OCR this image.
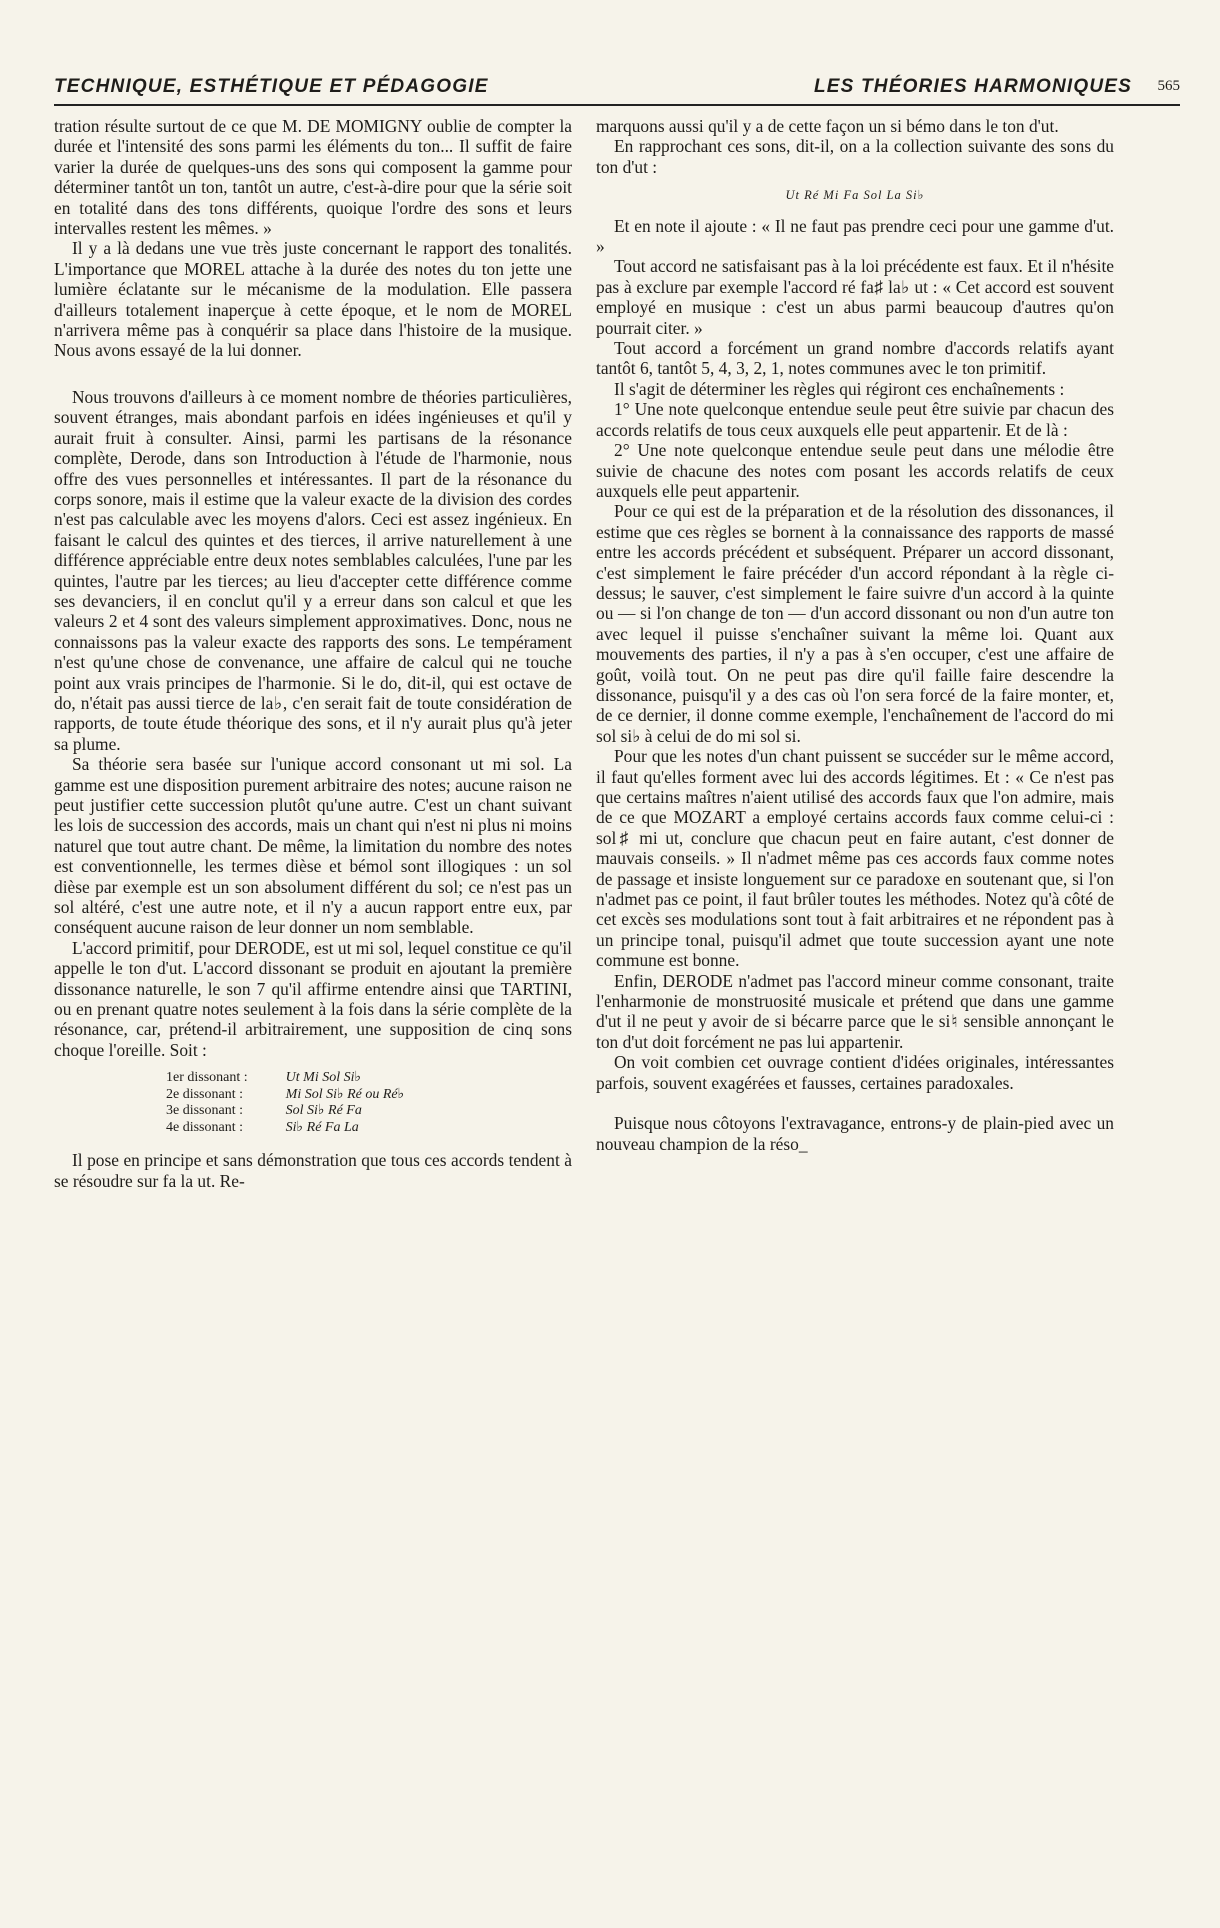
TECHNIQUE, ESTHÉTIQUE ET PÉDAGOGIE	LES THÉORIES HARMONIQUES 565

tration résulte surtout de ce que M. DE MOMIGNY oublie de compter la durée et l'intensité des sons parmi les éléments du ton... Il suffit de faire varier la durée de quelques-uns des sons qui composent la gamme pour déterminer tantôt un ton, tantôt un autre, c'est-à-dire pour que la série soit en totalité dans des tons différents, quoique l'ordre des sons et leurs intervalles restent les mêmes. »

Il y a là dedans une vue très juste concernant le rapport des tonalités. L'importance que MOREL attache à la durée des notes du ton jette une lumière éclatante sur le mécanisme de la modulation. Elle passera d'ailleurs totalement inaperçue à cette époque, et le nom de MOREL n'arrivera même pas à conquérir sa place dans l'histoire de la musique. Nous avons essayé de la lui donner.

Nous trouvons d'ailleurs à ce moment nombre de théories particulières, souvent étranges, mais abondant parfois en idées ingénieuses et qu'il y aurait fruit à consulter. Ainsi, parmi les partisans de la résonance complète, Derode, dans son Introduction à l'étude de l'harmonie, nous offre des vues personnelles et intéressantes. Il part de la résonance du corps sonore, mais il estime que la valeur exacte de la division des cordes n'est pas calculable avec les moyens d'alors. Ceci est assez ingénieux. En faisant le calcul des quintes et des tierces, il arrive naturellement à une différence appréciable entre deux notes semblables calculées, l'une par les quintes, l'autre par les tierces; au lieu d'accepter cette différence comme ses devanciers, il en conclut qu'il y a erreur dans son calcul et que les valeurs 2 et 4 sont des valeurs simplement approximatives. Donc, nous ne connaissons pas la valeur exacte des rapports des sons. Le tempérament n'est qu'une chose de convenance, une affaire de calcul qui ne touche point aux vrais principes de l'harmonie. Si le do, dit-il, qui est octave de do, n'était pas aussi tierce de la♭, c'en serait fait de toute considération de rapports, de toute étude théorique des sons, et il n'y aurait plus qu'à jeter sa plume.

Sa théorie sera basée sur l'unique accord consonant ut mi sol. La gamme est une disposition purement arbitraire des notes; aucune raison ne peut justifier cette succession plutôt qu'une autre. C'est un chant suivant les lois de succession des accords, mais un chant qui n'est ni plus ni moins naturel que tout autre chant. De même, la limitation du nombre des notes est conventionnelle, les termes dièse et bémol sont illogiques : un sol dièse par exemple est un son absolument différent du sol; ce n'est pas un sol altéré, c'est une autre note, et il n'y a aucun rapport entre eux, par conséquent aucune raison de leur donner un nom semblable.

L'accord primitif, pour DERODE, est ut mi sol, lequel constitue ce qu'il appelle le ton d'ut. L'accord dissonant se produit en ajoutant la première dissonance naturelle, le son 7 qu'il affirme entendre ainsi que TARTINI, ou en prenant quatre notes seulement à la fois dans la série complète de la résonance, car, prétend-il arbitrairement, une supposition de cinq sons choque l'oreille. Soit :

1er dissonant :	Ut Mi Sol Si♭
2e dissonant :	Mi Sol Si♭ Ré ou Ré♭
3e dissonant :	Sol Si♭ Ré Fa
4e dissonant :	Si♭ Ré Fa La

Il pose en principe et sans démonstration que tous ces accords tendent à se résoudre sur fa la ut. Re-

marquons aussi qu'il y a de cette façon un si bémo dans le ton d'ut.

En rapprochant ces sons, dit-il, on a la collection suivante des sons du ton d'ut :

Ut Ré Mi Fa Sol La Si♭

Et en note il ajoute : « Il ne faut pas prendre ceci pour une gamme d'ut. »

Tout accord ne satisfaisant pas à la loi précédente est faux. Et il n'hésite pas à exclure par exemple l'accord ré fa♯ la♭ ut : « Cet accord est souvent employé en musique : c'est un abus parmi beaucoup d'autres qu'on pourrait citer. »

Tout accord a forcément un grand nombre d'accords relatifs ayant tantôt 6, tantôt 5, 4, 3, 2, 1, notes communes avec le ton primitif.

Il s'agit de déterminer les règles qui régiront ces enchaînements :

1° Une note quelconque entendue seule peut être suivie par chacun des accords relatifs de tous ceux auxquels elle peut appartenir. Et de là :

2° Une note quelconque entendue seule peut dans une mélodie être suivie de chacune des notes com posant les accords relatifs de ceux auxquels elle peut appartenir.

Pour ce qui est de la préparation et de la résolution des dissonances, il estime que ces règles se bornent à la connaissance des rapports de massé entre les accords précédent et subséquent. Préparer un accord dissonant, c'est simplement le faire précéder d'un accord répondant à la règle ci-dessus; le sauver, c'est simplement le faire suivre d'un accord à la quinte ou — si l'on change de ton — d'un accord dissonant ou non d'un autre ton avec lequel il puisse s'enchaîner suivant la même loi. Quant aux mouvements des parties, il n'y a pas à s'en occuper, c'est une affaire de goût, voilà tout. On ne peut pas dire qu'il faille faire descendre la dissonance, puisqu'il y a des cas où l'on sera forcé de la faire monter, et, de ce dernier, il donne comme exemple, l'enchaînement de l'accord do mi sol si♭ à celui de do mi sol si.

Pour que les notes d'un chant puissent se succéder sur le même accord, il faut qu'elles forment avec lui des accords légitimes. Et : « Ce n'est pas que certains maîtres n'aient utilisé des accords faux que l'on admire, mais de ce que MOZART a employé certains accords faux comme celui-ci : sol♯ mi ut, conclure que chacun peut en faire autant, c'est donner de mauvais conseils. » Il n'admet même pas ces accords faux comme notes de passage et insiste longuement sur ce paradoxe en soutenant que, si l'on n'admet pas ce point, il faut brûler toutes les méthodes. Notez qu'à côté de cet excès ses modulations sont tout à fait arbitraires et ne répondent pas à un principe tonal, puisqu'il admet que toute succession ayant une note commune est bonne.

Enfin, DERODE n'admet pas l'accord mineur comme consonant, traite l'enharmonie de monstruosité musicale et prétend que dans une gamme d'ut il ne peut y avoir de si bécarre parce que le si♮ sensible annonçant le ton d'ut doit forcément ne pas lui appartenir.

On voit combien cet ouvrage contient d'idées originales, intéressantes parfois, souvent exagérées et fausses, certaines paradoxales.

Puisque nous côtoyons l'extravagance, entrons-y de plain-pied avec un nouveau champion de la réso_
